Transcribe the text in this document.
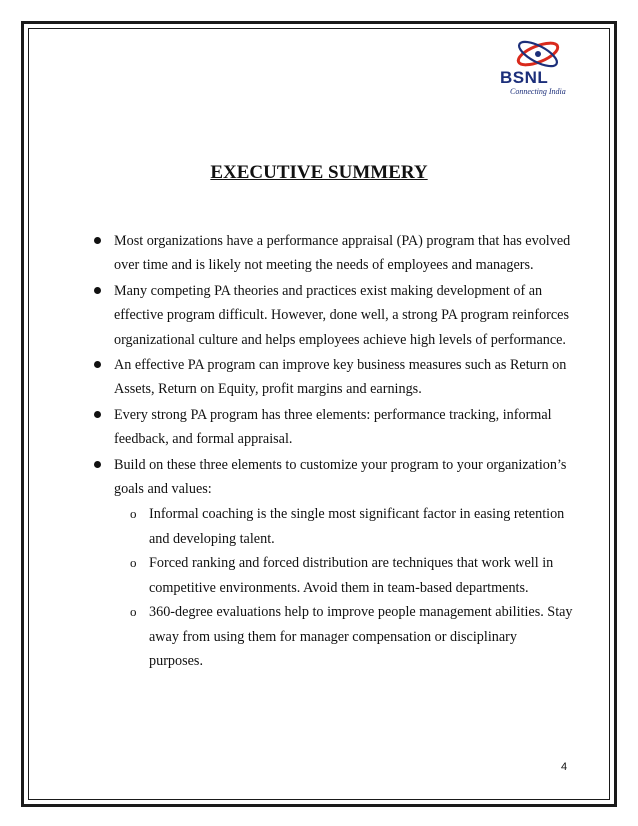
BSNL
Connecting India
EXECUTIVE SUMMERY
Most organizations have a performance appraisal (PA) program that has evolved over time and is likely not meeting the needs of employees and managers.
Many competing PA theories and practices exist making development of an effective program difficult. However, done well, a strong PA program reinforces organizational culture and helps employees achieve high levels of performance.
An effective PA program can improve key business measures such as Return on Assets, Return on Equity, profit margins and earnings.
Every strong PA program has three elements: performance tracking, informal feedback, and formal appraisal.
Build on these three elements to customize your program to your organization’s goals and values:
o Informal coaching is the single most significant factor in easing retention and developing talent.
o Forced ranking and forced distribution are techniques that work well in competitive environments. Avoid them in team-based departments.
o 360-degree evaluations help to improve people management abilities. Stay away from using them for manager compensation or disciplinary purposes.
4
